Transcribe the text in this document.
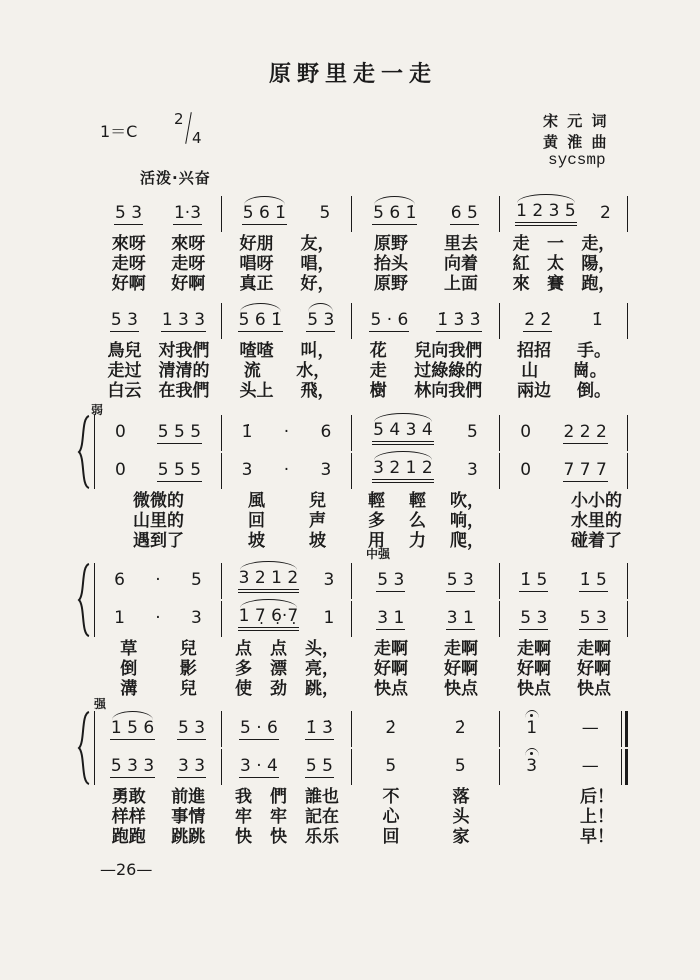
原野里走一走
1＝C
2
4
宋 元 词
黄 淮 曲
sycsmp
活泼·兴奋
5 3 1·3 5 6 1̇ 5	5 6 1̇ 6 5 1 2 3 5 2
來呀 來呀 好朋 友， 原野 里去 走 一 走，
走呀 走呀 唱呀 唱， 抬头 向着 紅 太 陽，
好啊 好啊 真正 好， 原野 上面 來 賽 跑，
5 3 1 3 3 5 6 1̇ 5 3 5 · 6 1̇ 3̇ 3̇	2̇ 2̇ 1̇
鳥兒 对我們 喳喳 叫， 花 兒向我們 招招 手。
走过 清清的 流 水， 走 过綠綠的 山 崗。
白云 在我們 头上 飛， 樹 林向我們 兩边 倒。
0 5 5 5 1̇ · 6 5 4 3 4 5 0 2 2 2
0 5 5 5 3 · 3 3 2 1 2 3 0 7 7 7
微微的	風	兒 輕 輕 吹，	小小的
山里的	回	声 多 么 响，	水里的
遇到了	坡	坡 用 力 爬，	碰着了
6 · 5 3 2 1 2 3	5 3 5 3	1̇ 5 1̇ 5
1 · 3 1 7̣ 6̣·7̣ 1	3 1 3 1	5 3 5 3
草	兒 点 点 头， 走啊 走啊 走啊 走啊
倒	影 多 漂 亮， 好啊 好啊 好啊 好啊
溝	兒 使 劲 跳， 快点 快点 快点 快点
1 5 6 5 3 5 · 6 1̇ 3̇	2̇	2̇	1	—
5 3 3 3 3 3 · 4 5 5	5	5	3	—
勇敢 前進 我 們 誰也	不	落	后！
样样 事情 牢 牢 記在	心	头	上！
跑跑 跳跳 快 快 乐乐	回	家	早！
弱
中强
强
—26—
